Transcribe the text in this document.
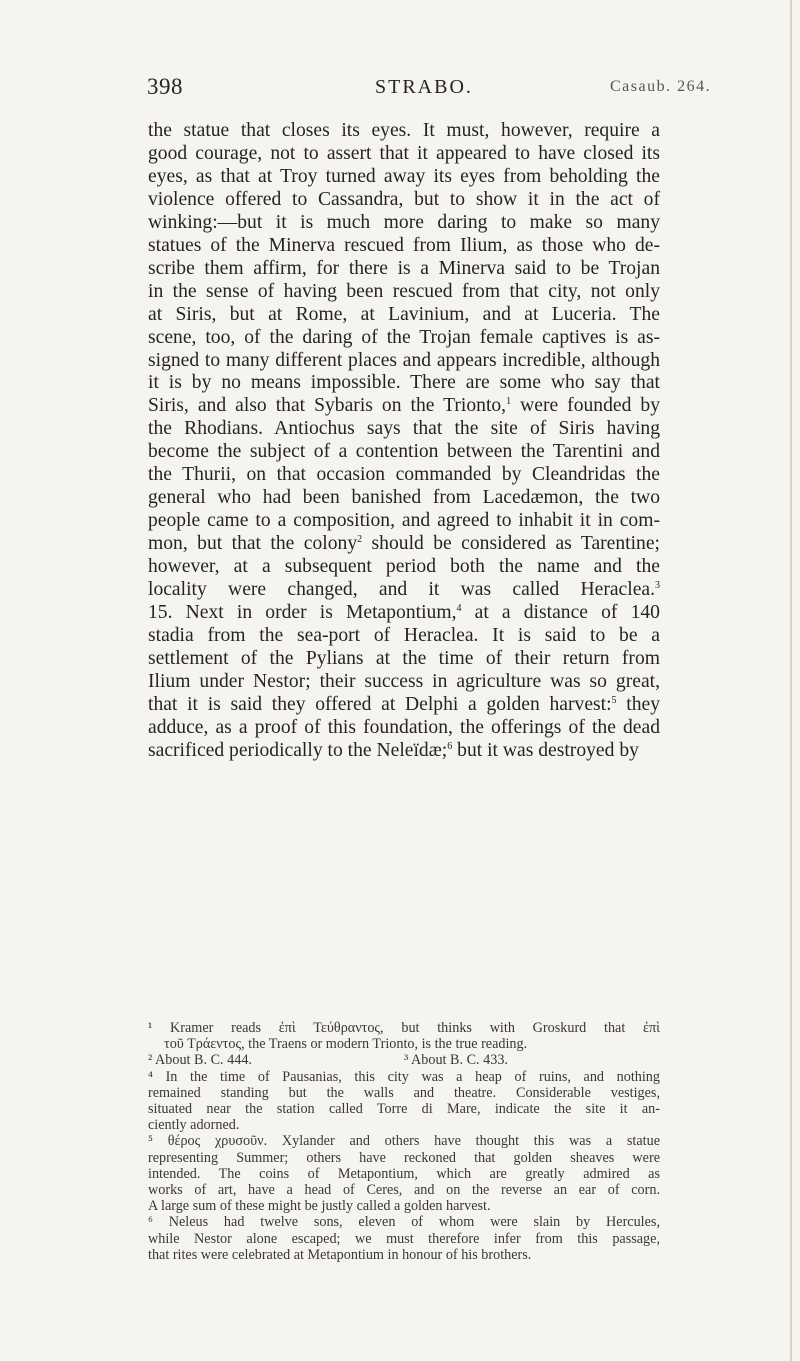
398	STRABO.	Casaub. 264.
the statue that closes its eyes. It must, however, require a
good courage, not to assert that it appeared to have closed its
eyes, as that at Troy turned away its eyes from beholding the
violence offered to Cassandra, but to show it in the act of
winking:—but it is much more daring to make so many
statues of the Minerva rescued from Ilium, as those who de-
scribe them affirm, for there is a Minerva said to be Trojan
in the sense of having been rescued from that city, not only
at Siris, but at Rome, at Lavinium, and at Luceria. The
scene, too, of the daring of the Trojan female captives is as-
signed to many different places and appears incredible, although
it is by no means impossible. There are some who say that
Siris, and also that Sybaris on the Trionto,$^1$ were founded by
the Rhodians. Antiochus says that the site of Siris having
become the subject of a contention between the Tarentini and
the Thurii, on that occasion commanded by Cleandridas the
general who had been banished from Lacedæmon, the two
people came to a composition, and agreed to inhabit it in com-
mon, but that the colony$^2$ should be considered as Tarentine;
however, at a subsequent period both the name and the
locality were changed, and it was called Heraclea.$^3$
15. Next in order is Metapontium,$^4$ at a distance of 140
stadia from the sea-port of Heraclea. It is said to be a
settlement of the Pylians at the time of their return from
Ilium under Nestor; their success in agriculture was so great,
that it is said they offered at Delphi a golden harvest:$^5$ they
adduce, as a proof of this foundation, the offerings of the dead
sacrificed periodically to the Neleïdæ;$^6$ but it was destroyed by
¹ Kramer reads ἐπὶ Τεύθραντος, but thinks with Groskurd that ἐπὶ
τοῦ Τράεντος, the Traens or modern Trionto, is the true reading.
² About B. C. 444.	³ About B. C. 433.
⁴ In the time of Pausanias, this city was a heap of ruins, and nothing
remained standing but the walls and theatre. Considerable vestiges,
situated near the station called Torre di Mare, indicate the site it an-
ciently adorned.
⁵ θέρος χρυσοῦν. Xylander and others have thought this was a statue
representing Summer; others have reckoned that golden sheaves were
intended. The coins of Metapontium, which are greatly admired as
works of art, have a head of Ceres, and on the reverse an ear of corn.
A large sum of these might be justly called a golden harvest.
⁶ Neleus had twelve sons, eleven of whom were slain by Hercules,
while Nestor alone escaped; we must therefore infer from this passage,
that rites were celebrated at Metapontium in honour of his brothers.
